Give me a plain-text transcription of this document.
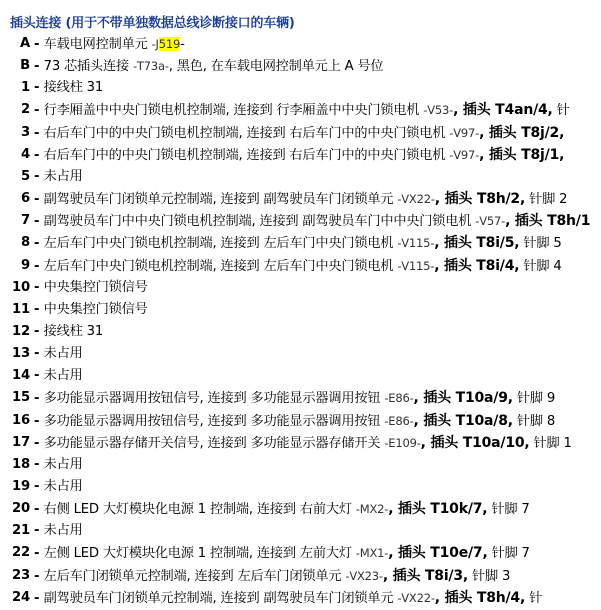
插头连接 (用于不带单独数据总线诊断接口的车辆)
A - 车载电网控制单元 -J519-
B - 73 芯插头连接 -T73a-, 黑色, 在车载电网控制单元上 A 号位
1 - 接线柱 31
2 - 行李厢盖中中央门锁电机控制端, 连接到 行李厢盖中中央门锁电机 -V53-, 插头 T4an/4, 针
3 - 右后车门中的中央门锁电机控制端, 连接到 右后车门中的中央门锁电机 -V97-, 插头 T8j/2,
4 - 右后车门中的中央门锁电机控制端, 连接到 右后车门中的中央门锁电机 -V97-, 插头 T8j/1,
5 - 未占用
6 - 副驾驶员车门闭锁单元控制端, 连接到 副驾驶员车门闭锁单元 -VX22-, 插头 T8h/2, 针脚 2
7 - 副驾驶员车门中中央门锁电机控制端, 连接到 副驾驶员车门中中央门锁电机 -V57-, 插头 T8h/1
8 - 左后车门中央门锁电机控制端, 连接到 左后车门中央门锁电机 -V115-, 插头 T8i/5, 针脚 5
9 - 左后车门中央门锁电机控制端, 连接到 左后车门中央门锁电机 -V115-, 插头 T8i/4, 针脚 4
10 - 中央集控门锁信号
11 - 中央集控门锁信号
12 - 接线柱 31
13 - 未占用
14 - 未占用
15 - 多功能显示器调用按钮信号, 连接到 多功能显示器调用按钮 -E86-, 插头 T10a/9, 针脚 9
16 - 多功能显示器调用按钮信号, 连接到 多功能显示器调用按钮 -E86-, 插头 T10a/8, 针脚 8
17 - 多功能显示器存储开关信号, 连接到 多功能显示器存储开关 -E109-, 插头 T10a/10, 针脚 1
18 - 未占用
19 - 未占用
20 - 右侧 LED 大灯模块化电源 1 控制端, 连接到 右前大灯 -MX2-, 插头 T10k/7, 针脚 7
21 - 未占用
22 - 左侧 LED 大灯模块化电源 1 控制端, 连接到 左前大灯 -MX1-, 插头 T10e/7, 针脚 7
23 - 左后车门闭锁单元控制端, 连接到 左后车门闭锁单元 -VX23-, 插头 T8i/3, 针脚 3
24 - 副驾驶员车门闭锁单元控制端, 连接到 副驾驶员车门闭锁单元 -VX22-, 插头 T8h/4, 针
